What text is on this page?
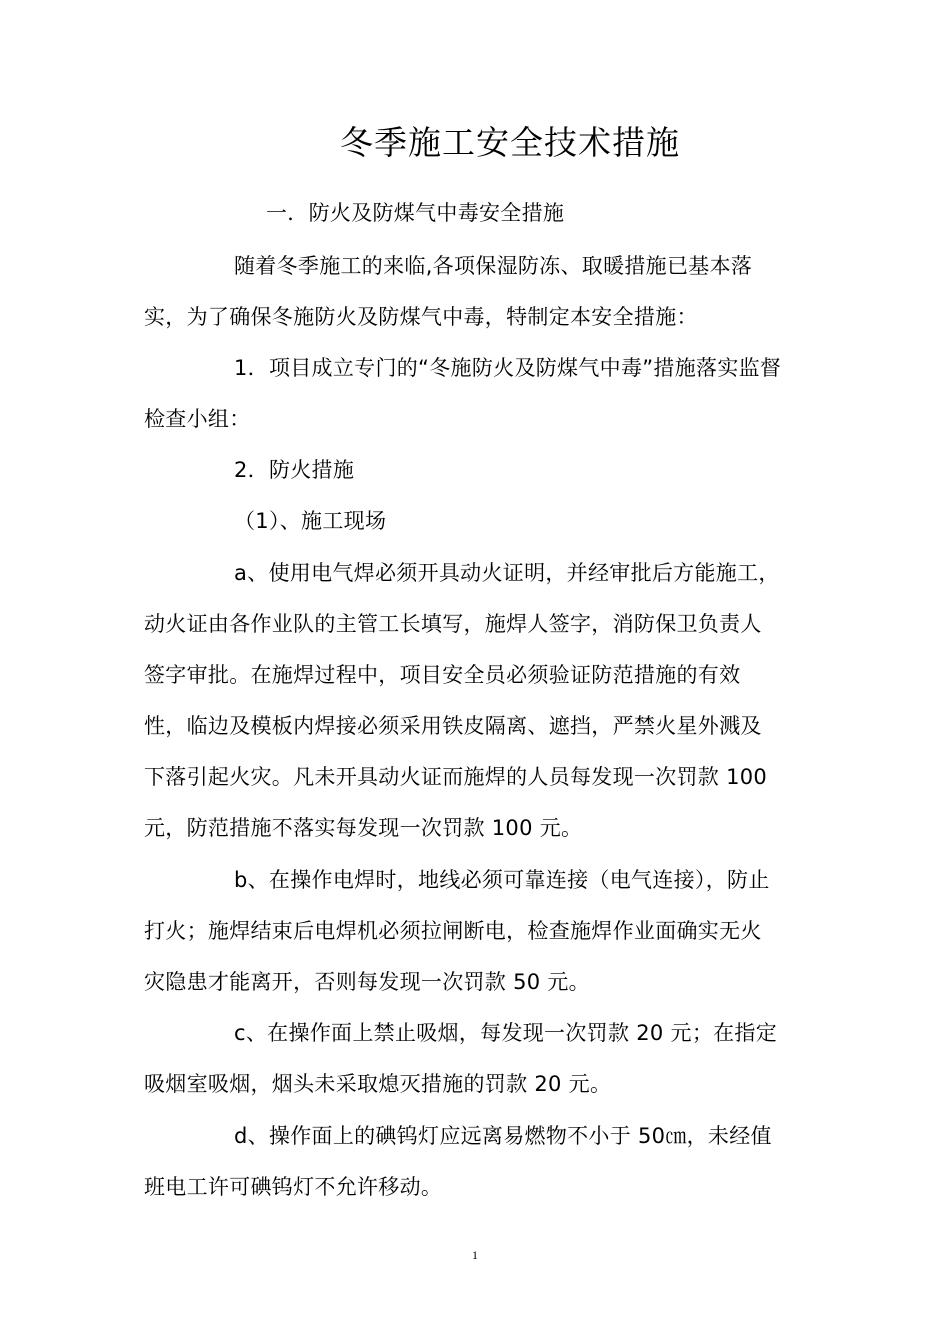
冬季施工安全技术措施
一．防火及防煤气中毒安全措施
随着冬季施工的来临,各项保湿防冻、取暖措施已基本落
实，为了确保冬施防火及防煤气中毒，特制定本安全措施：
1．项目成立专门的“冬施防火及防煤气中毒”措施落实监督
检查小组：
2．防火措施
（1）、施工现场
a、使用电气焊必须开具动火证明，并经审批后方能施工，
动火证由各作业队的主管工长填写，施焊人签字，消防保卫负责人
签字审批。在施焊过程中，项目安全员必须验证防范措施的有效
性，临边及模板内焊接必须采用铁皮隔离、遮挡，严禁火星外溅及
下落引起火灾。凡未开具动火证而施焊的人员每发现一次罚款 100
元，防范措施不落实每发现一次罚款 100 元。
b、在操作电焊时，地线必须可靠连接（电气连接），防止
打火；施焊结束后电焊机必须拉闸断电，检查施焊作业面确实无火
灾隐患才能离开，否则每发现一次罚款 50 元。
c、在操作面上禁止吸烟，每发现一次罚款 20 元；在指定
吸烟室吸烟，烟头未采取熄灭措施的罚款 20 元。
d、操作面上的碘钨灯应远离易燃物不小于 50㎝，未经值
班电工许可碘钨灯不允许移动。
1
